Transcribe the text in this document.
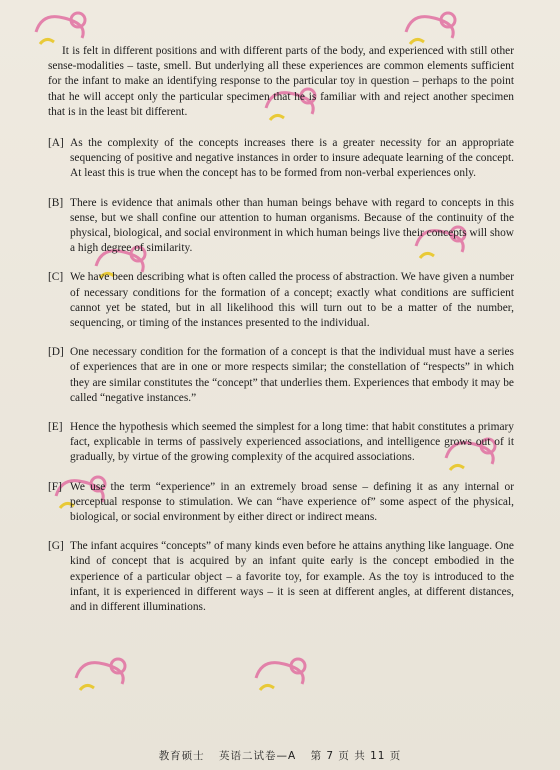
It is felt in different positions and with different parts of the body, and experienced with still other sense-modalities – taste, smell. But underlying all these experiences are common elements sufficient for the infant to make an identifying response to the particular toy in question – perhaps to the point that he will accept only the particular specimen that he is familiar with and reject another specimen that is in the least bit different.

[A] As the complexity of the concepts increases there is a greater necessity for an appropriate sequencing of positive and negative instances in order to insure adequate learning of the concept. At least this is true when the concept has to be formed from non-verbal experiences only.
[B] There is evidence that animals other than human beings behave with regard to concepts in this sense, but we shall confine our attention to human organisms. Because of the continuity of the physical, biological, and social environment in which human beings live their concepts will show a high degree of similarity.
[C] We have been describing what is often called the process of abstraction. We have given a number of necessary conditions for the formation of a concept; exactly what conditions are sufficient cannot yet be stated, but in all likelihood this will turn out to be a matter of the number, sequencing, or timing of the instances presented to the individual.
[D] One necessary condition for the formation of a concept is that the individual must have a series of experiences that are in one or more respects similar; the constellation of “respects” in which they are similar constitutes the “concept” that underlies them. Experiences that embody it may be called “negative instances.”
[E] Hence the hypothesis which seemed the simplest for a long time: that habit constitutes a primary fact, explicable in terms of passively experienced associations, and intelligence grows out of it gradually, by virtue of the growing complexity of the acquired associations.
[F] We use the term “experience” in an extremely broad sense – defining it as any internal or perceptual response to stimulation. We can “have experience of” some aspect of the physical, biological, or social environment by either direct or indirect means.
[G] The infant acquires “concepts” of many kinds even before he attains anything like language. One kind of concept that is acquired by an infant quite early is the concept embodied in the experience of a particular object – a favorite toy, for example. As the toy is introduced to the infant, it is experienced in different ways – it is seen at different angles, at different distances, and in different illuminations.
教育硕士 英语二试卷—A 第 7 页 共 11 页
